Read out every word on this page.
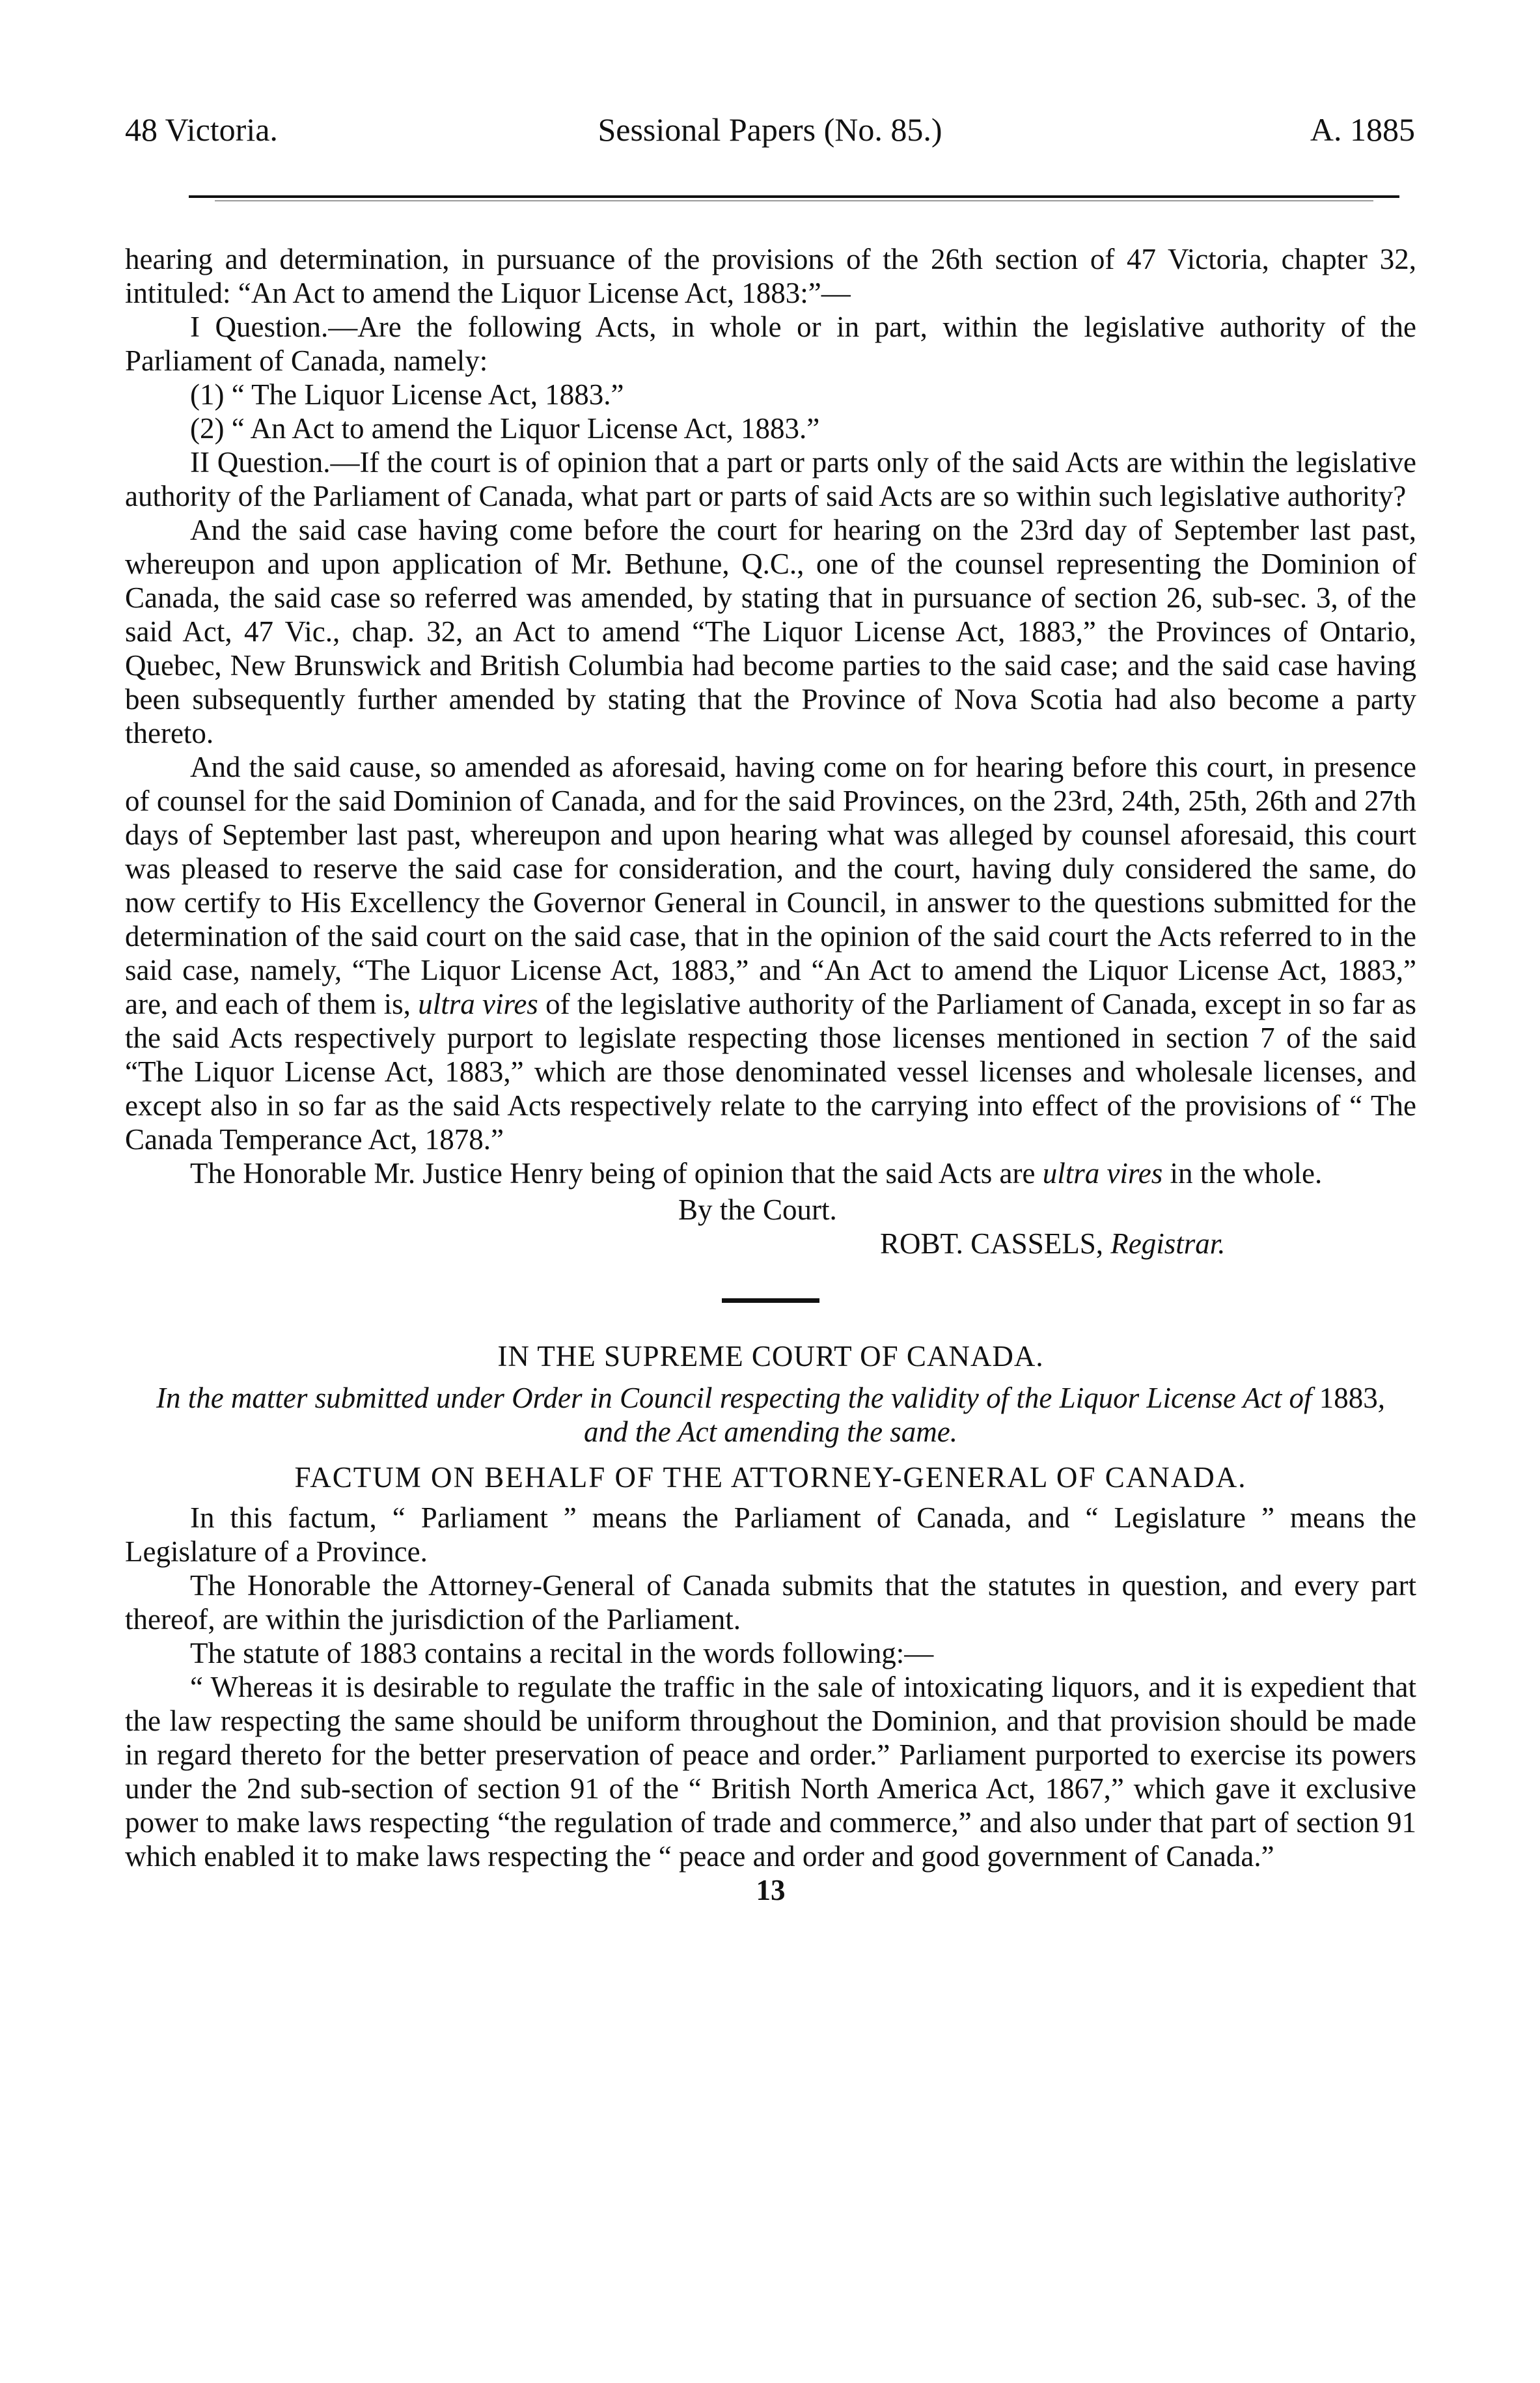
48 Victoria.	Sessional Papers (No. 85.)	A. 1885

hearing and determination, in pursuance of the provisions of the 26th section of 47 Victoria, chapter 32, intituled: “An Act to amend the Liquor License Act, 1883:”—

I Question.—Are the following Acts, in whole or in part, within the legislative authority of the Parliament of Canada, namely:

(1) “ The Liquor License Act, 1883.”

(2) “ An Act to amend the Liquor License Act, 1883.”

II Question.—If the court is of opinion that a part or parts only of the said Acts are within the legislative authority of the Parliament of Canada, what part or parts of said Acts are so within such legislative authority?

And the said case having come before the court for hearing on the 23rd day of September last past, whereupon and upon application of Mr. Bethune, Q.C., one of the counsel representing the Dominion of Canada, the said case so referred was amended, by stating that in pursuance of section 26, sub-sec. 3, of the said Act, 47 Vic., chap. 32, an Act to amend “The Liquor License Act, 1883,” the Provinces of Ontario, Quebec, New Brunswick and British Columbia had become parties to the said case; and the said case having been subsequently further amended by stating that the Province of Nova Scotia had also become a party thereto.

And the said cause, so amended as aforesaid, having come on for hearing before this court, in presence of counsel for the said Dominion of Canada, and for the said Provinces, on the 23rd, 24th, 25th, 26th and 27th days of September last past, whereupon and upon hearing what was alleged by counsel aforesaid, this court was pleased to reserve the said case for consideration, and the court, having duly considered the same, do now certify to His Excellency the Governor General in Council, in answer to the questions submitted for the determination of the said court on the said case, that in the opinion of the said court the Acts referred to in the said case, namely, “The Liquor License Act, 1883,” and “An Act to amend the Liquor License Act, 1883,” are, and each of them is, ultra vires of the legislative authority of the Parliament of Canada, except in so far as the said Acts respectively purport to legislate respecting those licenses mentioned in section 7 of the said “The Liquor License Act, 1883,” which are those denominated vessel licenses and wholesale licenses, and except also in so far as the said Acts respectively relate to the carrying into effect of the provisions of “ The Canada Temperance Act, 1878.”

The Honorable Mr. Justice Henry being of opinion that the said Acts are ultra vires in the whole.

By the Court.

ROBT. CASSELS, Registrar.

IN THE SUPREME COURT OF CANADA.

In the matter submitted under Order in Council respecting the validity of the Liquor License Act of 1883, and the Act amending the same.

FACTUM ON BEHALF OF THE ATTORNEY-GENERAL OF CANADA.

In this factum, “ Parliament ” means the Parliament of Canada, and “ Legislature ” means the Legislature of a Province.

The Honorable the Attorney-General of Canada submits that the statutes in question, and every part thereof, are within the jurisdiction of the Parliament.

The statute of 1883 contains a recital in the words following:—

“ Whereas it is desirable to regulate the traffic in the sale of intoxicating liquors, and it is expedient that the law respecting the same should be uniform throughout the Dominion, and that provision should be made in regard thereto for the better preservation of peace and order.” Parliament purported to exercise its powers under the 2nd sub-section of section 91 of the “ British North America Act, 1867,” which gave it exclusive power to make laws respecting “the regulation of trade and commerce,” and also under that part of section 91 which enabled it to make laws respecting the “ peace and order and good government of Canada.”

13
